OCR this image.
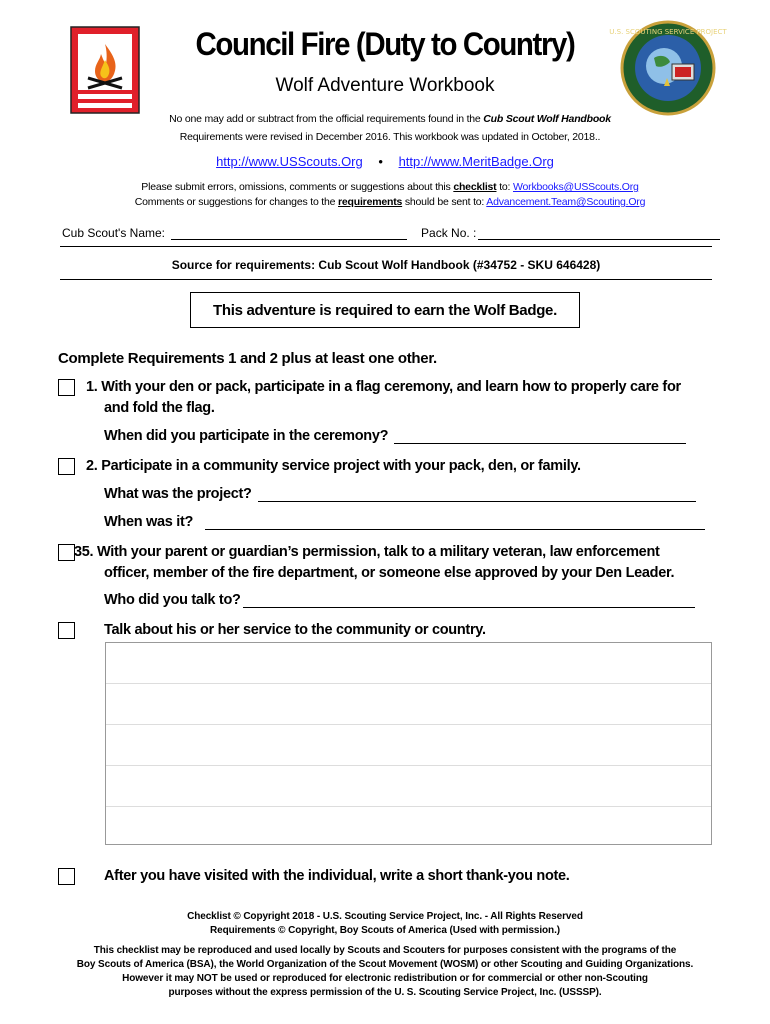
U.S. SCOUTING SERVICE PROJECT
Council Fire (Duty to Country)
Wolf Adventure Workbook
No one may add or subtract from the official requirements found in the Cub Scout Wolf Handbook
Requirements were revised in December 2016. This workbook was updated in October, 2018..
http://www.USScouts.Org • http://www.MeritBadge.Org
Please submit errors, omissions, comments or suggestions about this checklist to: Workbooks@USScouts.Org
Comments or suggestions for changes to the requirements should be sent to: Advancement.Team@Scouting.Org
Cub Scout's Name:	Pack No. :
Source for requirements: Cub Scout Wolf Handbook (#34752 - SKU 646428)
This adventure is required to earn the Wolf Badge.
Complete Requirements 1 and 2 plus at least one other.
1. With your den or pack, participate in a flag ceremony, and learn how to properly care for
and fold the flag.
When did you participate in the ceremony?
2. Participate in a community service project with your pack, den, or family.
What was the project?
When was it?
35. With your parent or guardian’s permission, talk to a military veteran, law enforcement
officer, member of the fire department, or someone else approved by your Den Leader.
Who did you talk to?
Talk about his or her service to the community or country.
After you have visited with the individual, write a short thank-you note.
Checklist © Copyright 2018 - U.S. Scouting Service Project, Inc. - All Rights Reserved
Requirements © Copyright, Boy Scouts of America (Used with permission.)
This checklist may be reproduced and used locally by Scouts and Scouters for purposes consistent with the programs of the
Boy Scouts of America (BSA), the World Organization of the Scout Movement (WOSM) or other Scouting and Guiding Organizations.
However it may NOT be used or reproduced for electronic redistribution or for commercial or other non-Scouting
purposes without the express permission of the U. S. Scouting Service Project, Inc. (USSSP).
